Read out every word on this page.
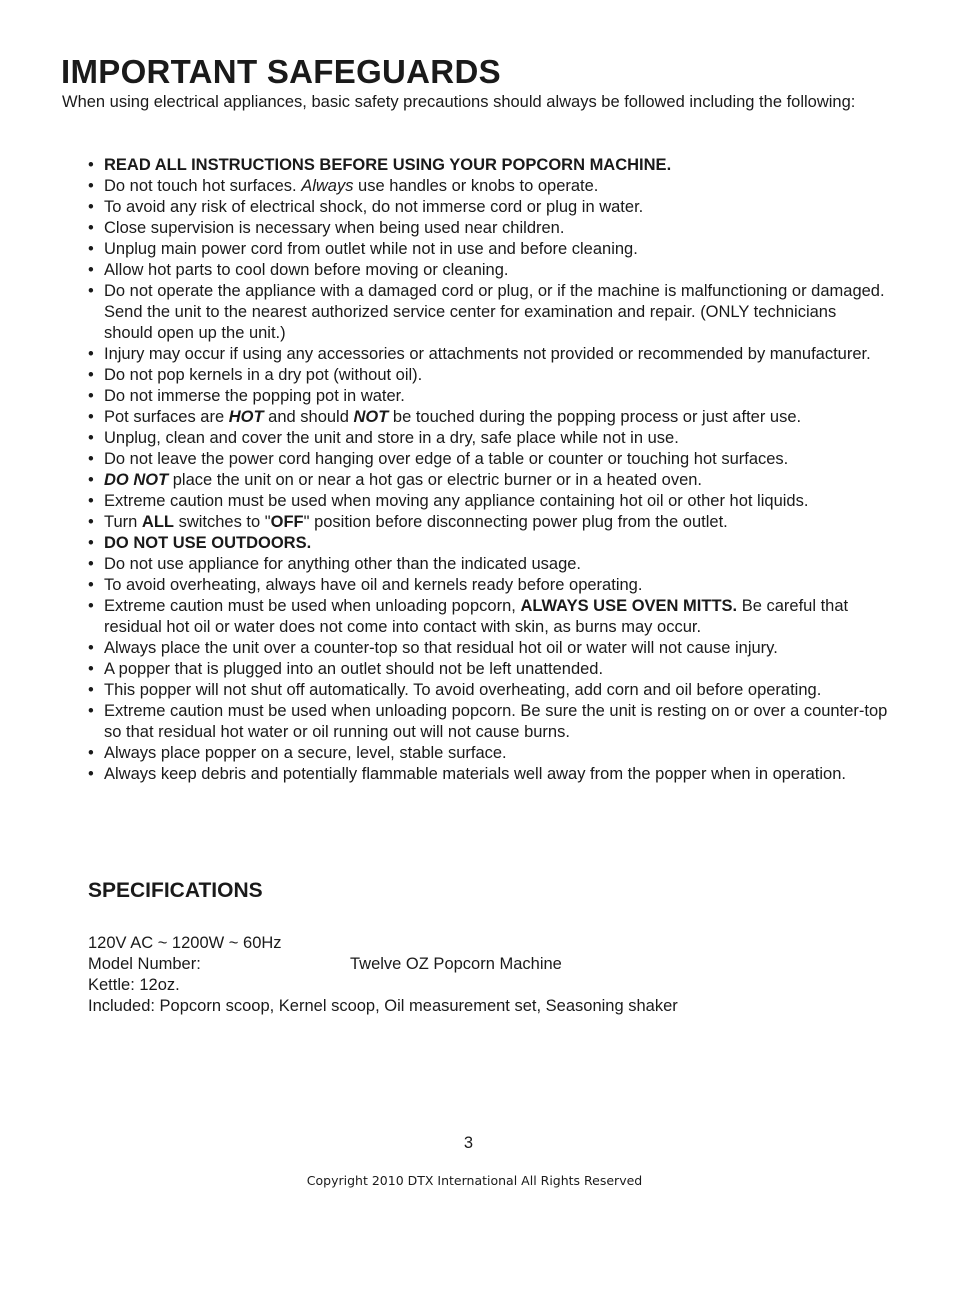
IMPORTANT SAFEGUARDS

When using electrical appliances, basic safety precautions should always be followed including the following:

• READ ALL INSTRUCTIONS BEFORE USING YOUR POPCORN MACHINE.
• Do not touch hot surfaces. Always use handles or knobs to operate.
• To avoid any risk of electrical shock, do not immerse cord or plug in water.
• Close supervision is necessary when being used near children.
• Unplug main power cord from outlet while not in use and before cleaning.
• Allow hot parts to cool down before moving or cleaning.
• Do not operate the appliance with a damaged cord or plug, or if the machine is malfunctioning or damaged. Send the unit to the nearest authorized service center for examination and repair. (ONLY technicians should open up the unit.)
• Injury may occur if using any accessories or attachments not provided or recommended by manufacturer.
• Do not pop kernels in a dry pot (without oil).
• Do not immerse the popping pot in water.
• Pot surfaces are HOT and should NOT be touched during the popping process or just after use.
• Unplug, clean and cover the unit and store in a dry, safe place while not in use.
• Do not leave the power cord hanging over edge of a table or counter or touching hot surfaces.
• DO NOT place the unit on or near a hot gas or electric burner or in a heated oven.
• Extreme caution must be used when moving any appliance containing hot oil or other hot liquids.
• Turn ALL switches to "OFF" position before disconnecting power plug from the outlet.
• DO NOT USE OUTDOORS.
• Do not use appliance for anything other than the indicated usage.
• To avoid overheating, always have oil and kernels ready before operating.
• Extreme caution must be used when unloading popcorn, ALWAYS USE OVEN MITTS. Be careful that residual hot oil or water does not come into contact with skin, as burns may occur.
• Always place the unit over a counter-top so that residual hot oil or water will not cause injury.
• A popper that is plugged into an outlet should not be left unattended.
• This popper will not shut off automatically. To avoid overheating, add corn and oil before operating.
• Extreme caution must be used when unloading popcorn. Be sure the unit is resting on or over a counter-top so that residual hot water or oil running out will not cause burns.
• Always place popper on a secure, level, stable surface.
• Always keep debris and potentially flammable materials well away from the popper when in operation.
SPECIFICATIONS
120V AC ~ 1200W ~ 60Hz
Model Number:	Twelve OZ Popcorn Machine
Kettle: 12oz.
Included: Popcorn scoop, Kernel scoop, Oil measurement set, Seasoning shaker
3
Copyright 2010 DTX International All Rights Reserved
